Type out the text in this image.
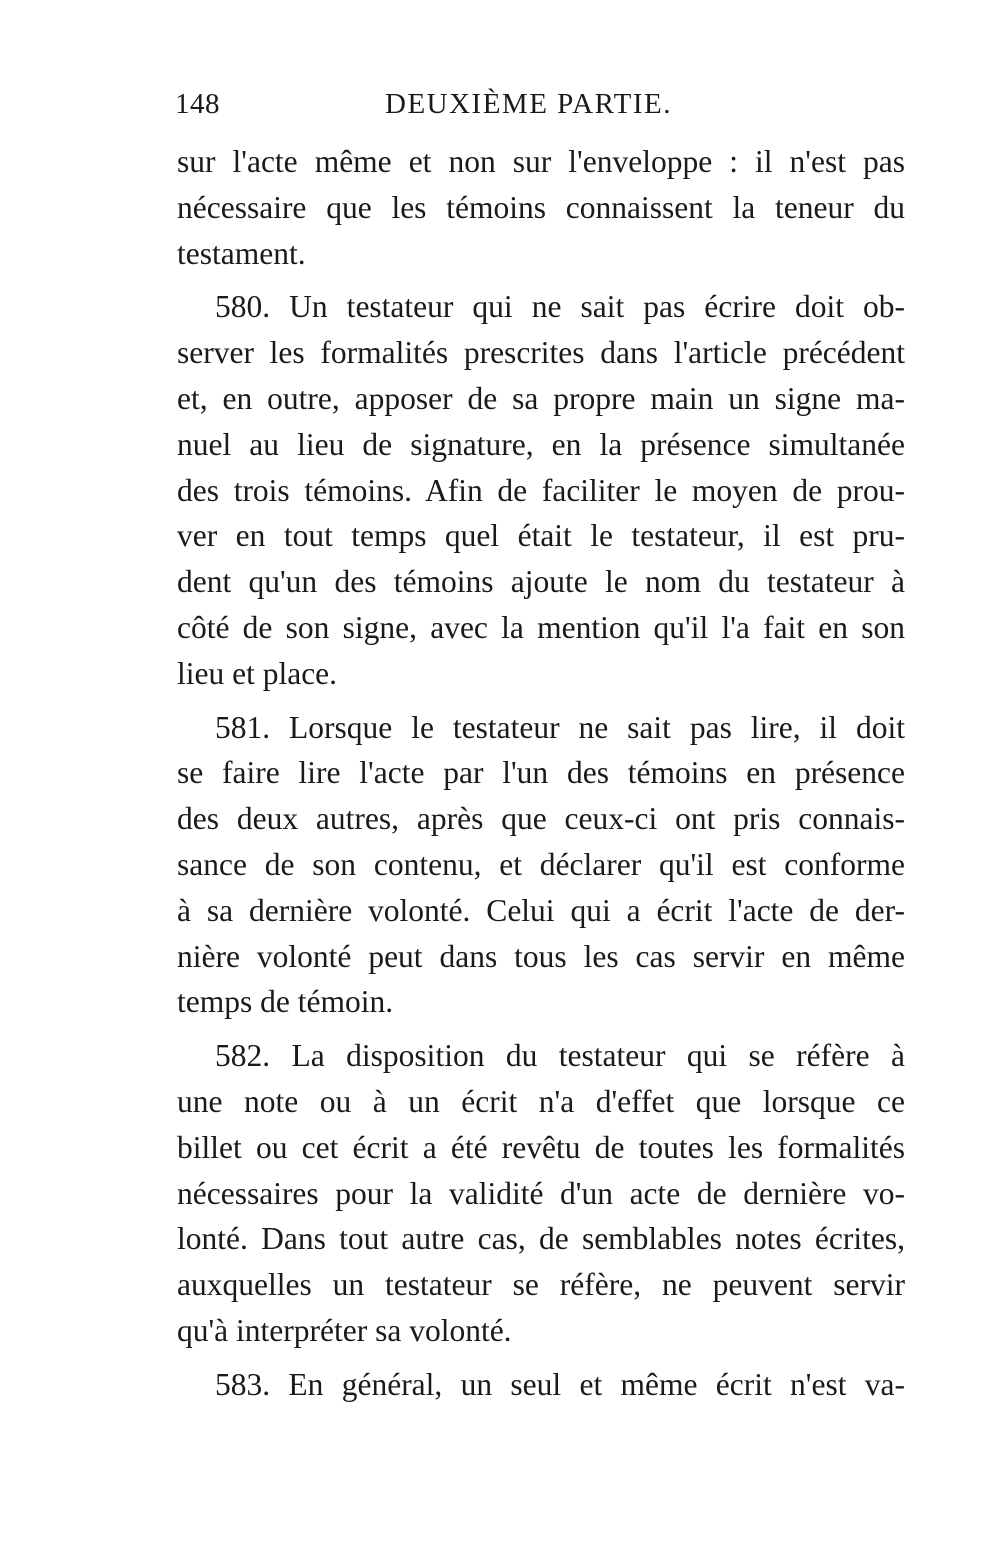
148	DEUXIÈME PARTIE.
sur l'acte même et non sur l'enveloppe : il n'est pas
nécessaire que les témoins connaissent la teneur du
testament.
580. Un testateur qui ne sait pas écrire doit ob-
server les formalités prescrites dans l'article précédent
et, en outre, apposer de sa propre main un signe ma-
nuel au lieu de signature, en la présence simultanée
des trois témoins. Afin de faciliter le moyen de prou-
ver en tout temps quel était le testateur, il est pru-
dent qu'un des témoins ajoute le nom du testateur à
côté de son signe, avec la mention qu'il l'a fait en son
lieu et place.
581. Lorsque le testateur ne sait pas lire, il doit
se faire lire l'acte par l'un des témoins en présence
des deux autres, après que ceux-ci ont pris connais-
sance de son contenu, et déclarer qu'il est conforme
à sa dernière volonté. Celui qui a écrit l'acte de der-
nière volonté peut dans tous les cas servir en même
temps de témoin.
582. La disposition du testateur qui se réfère à
une note ou à un écrit n'a d'effet que lorsque ce
billet ou cet écrit a été revêtu de toutes les formalités
nécessaires pour la validité d'un acte de dernière vo-
lonté. Dans tout autre cas, de semblables notes écrites,
auxquelles un testateur se réfère, ne peuvent servir
qu'à interpréter sa volonté.
583. En général, un seul et même écrit n'est va-
